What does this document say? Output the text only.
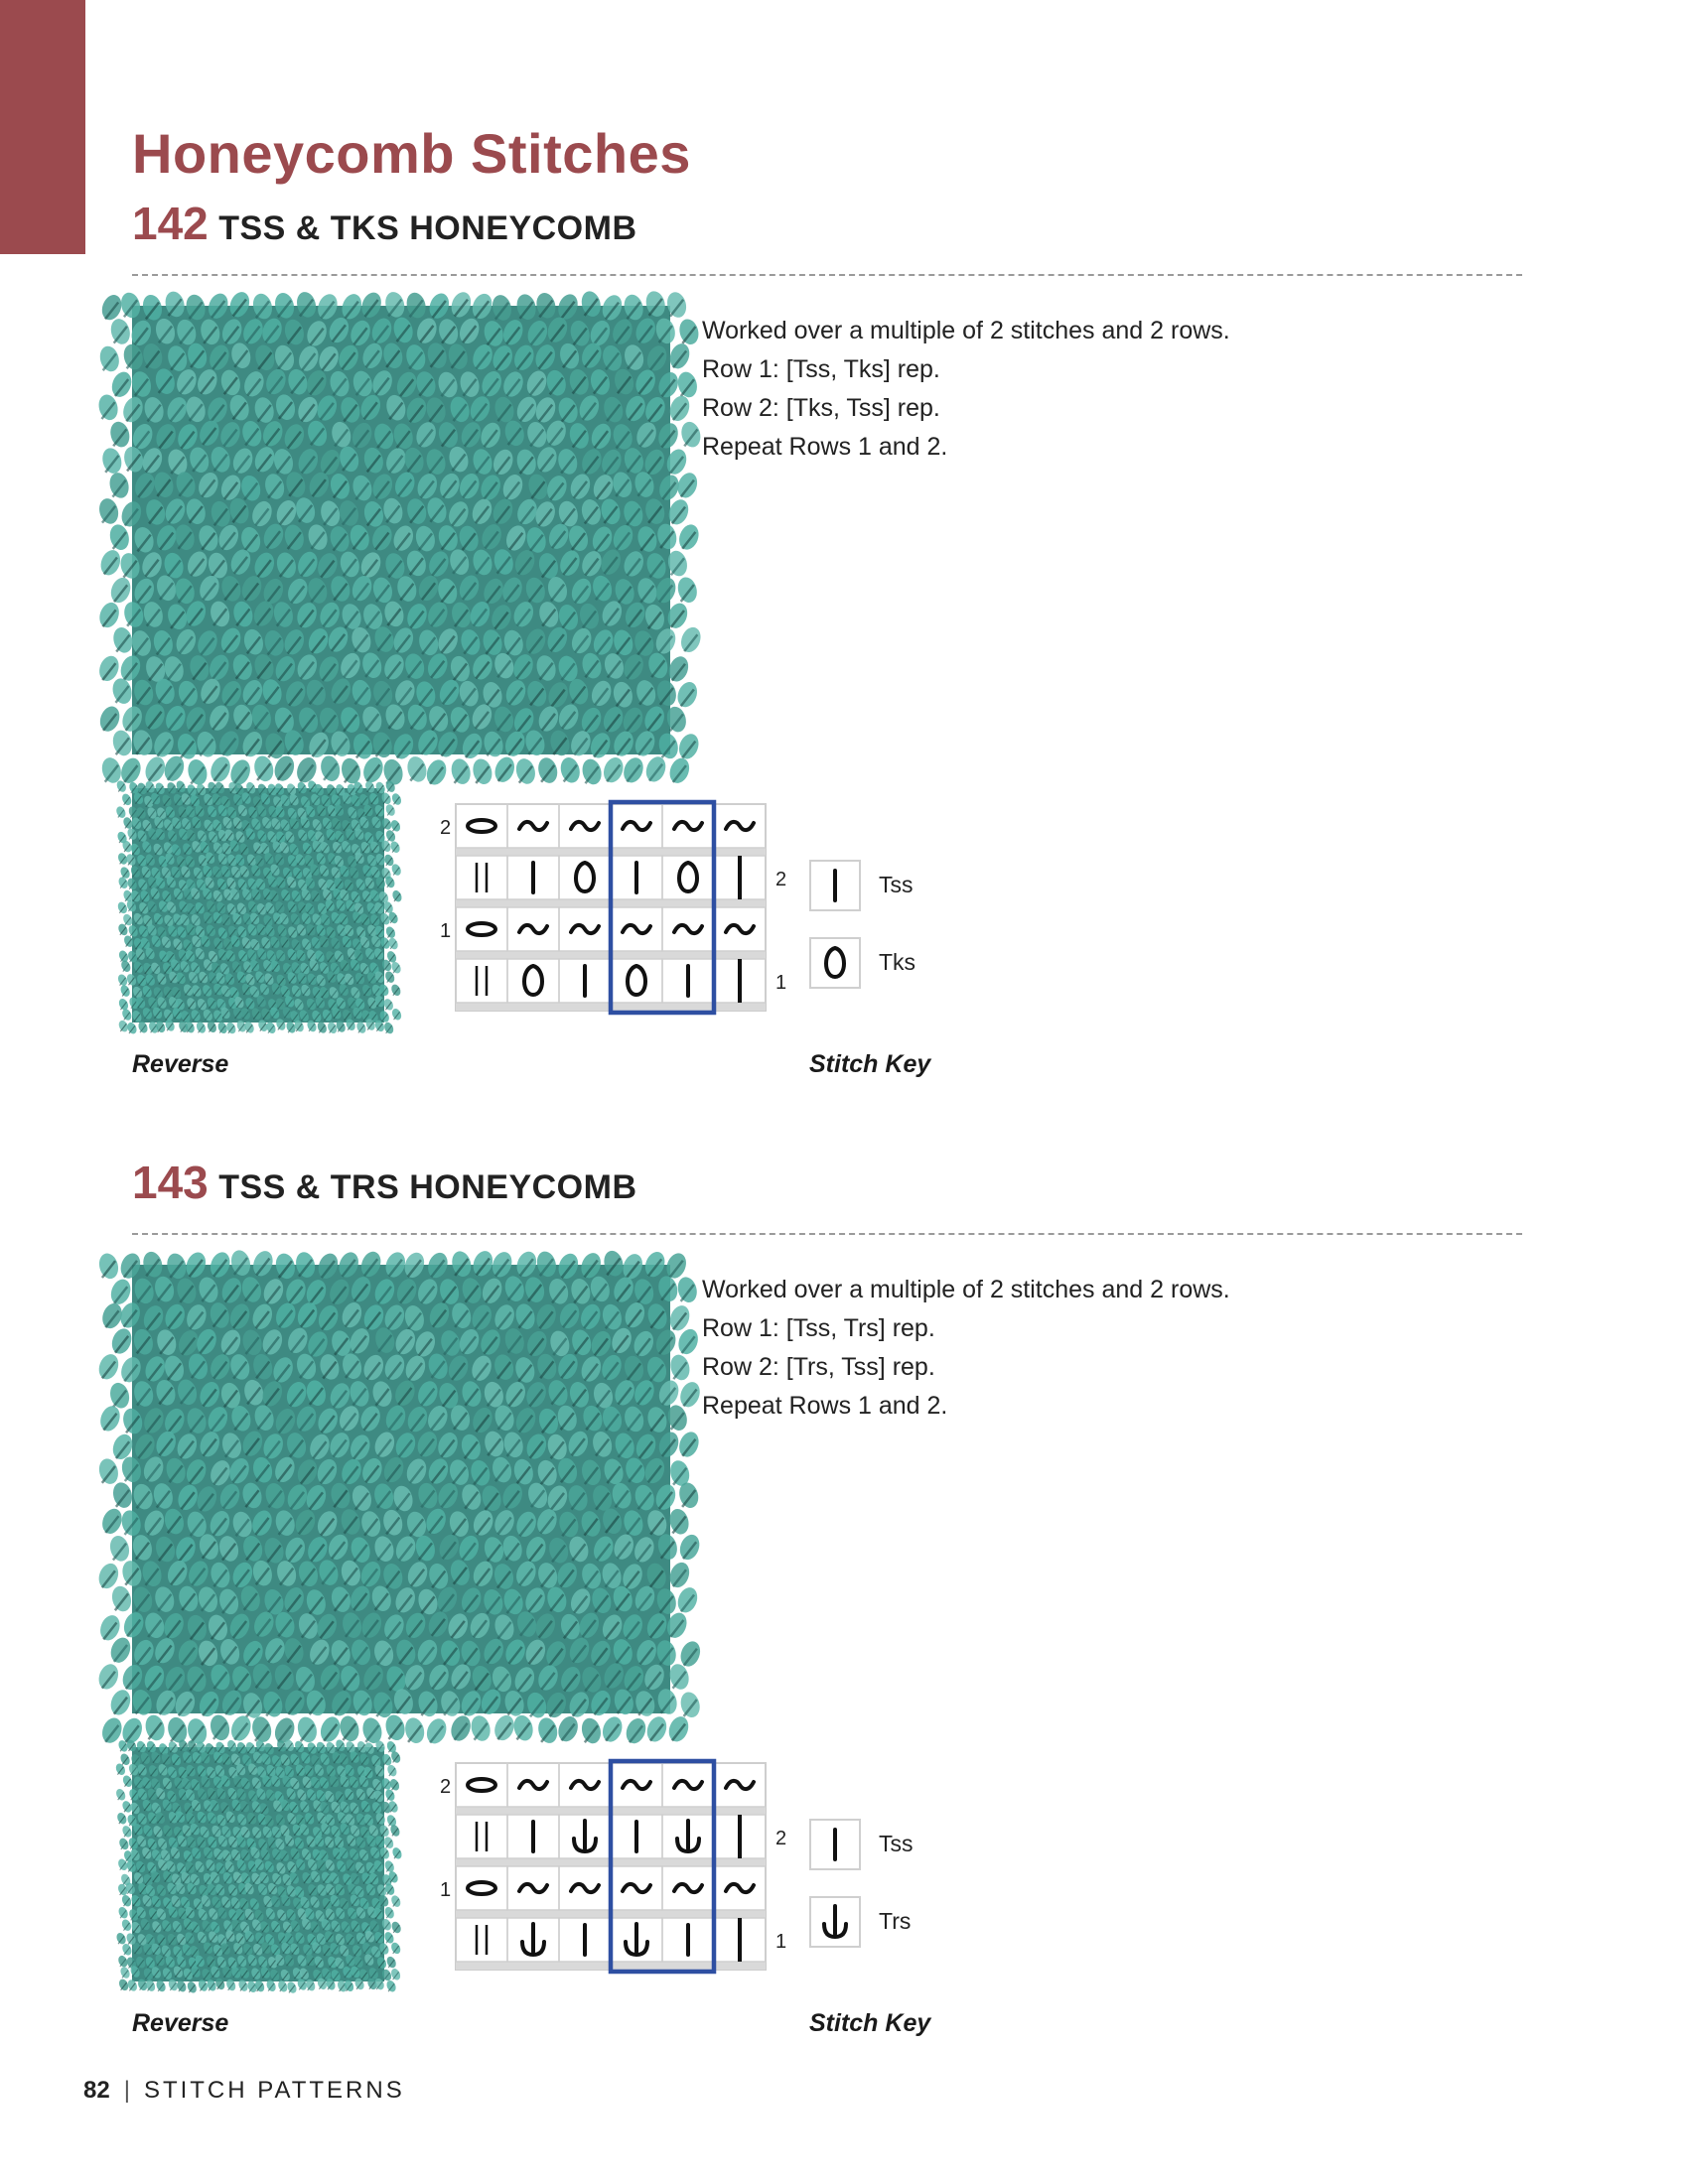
Honeycomb Stitches
142 TSS & TKS HONEYCOMB
Worked over a multiple of 2 stitches and 2 rows.
Row 1: [Tss, Tks] rep.
Row 2: [Tks, Tss] rep.
Repeat Rows 1 and 2.
2
1
2
1
Tss
Tks
Reverse	Stitch Key
143 TSS & TRS HONEYCOMB
Worked over a multiple of 2 stitches and 2 rows.
Row 1: [Tss, Trs] rep.
Row 2: [Trs, Tss] rep.
Repeat Rows 1 and 2.
2
1
2
1
Tss
Trs
Reverse	Stitch Key
82 | STITCH PATTERNS
